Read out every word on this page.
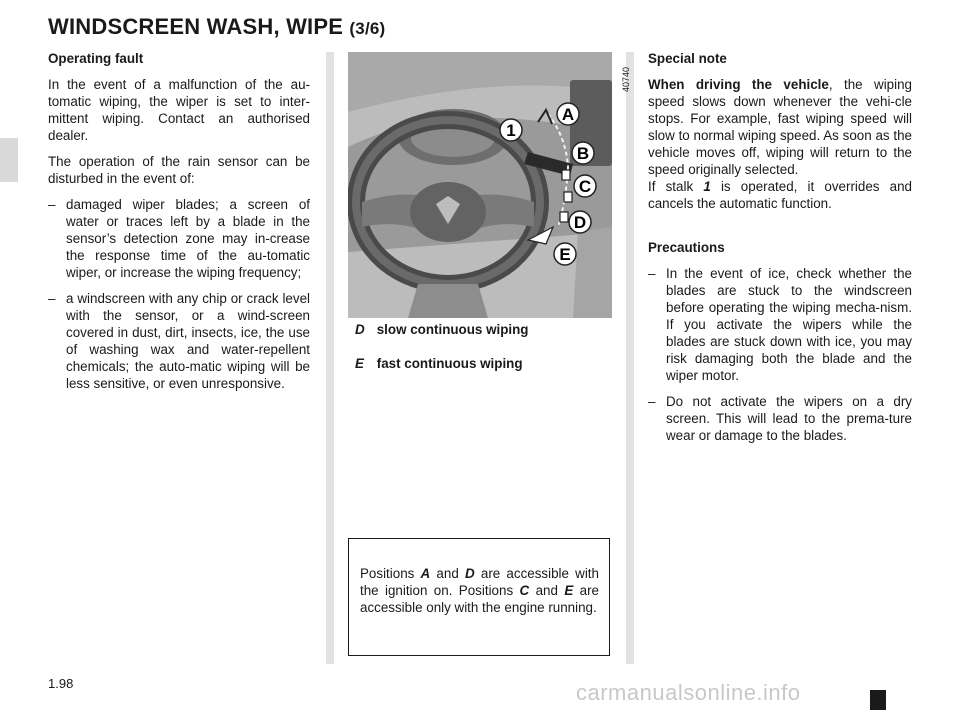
WINDSCREEN WASH, WIPE (3/6)
Operating fault

In the event of a malfunction of the au-tomatic wiping, the wiper is set to inter-mittent wiping. Contact an authorised dealer.

The operation of the rain sensor can be disturbed in the event of:

– damaged wiper blades; a screen of water or traces left by a blade in the sensor’s detection zone may in-crease the response time of the au-tomatic wiper, or increase the wiping frequency;
– a windscreen with any chip or crack level with the sensor, or a wind-screen covered in dust, dirt, insects, ice, the use of washing wax and water-repellent chemicals; the auto-matic wiping will be less sensitive, or even unresponsive.
1
A
B
C
D
E
40740
D slow continuous wiping
E fast continuous wiping
Positions A and D are accessible with the ignition on. Positions C and E are accessible only with the engine running.
Special note

When driving the vehicle, the wiping speed slows down whenever the vehi-cle stops. For example, fast wiping speed will slow to normal wiping speed. As soon as the vehicle moves off, wiping will return to the speed originally selected.

If stalk 1 is operated, it overrides and cancels the automatic function.

Precautions
– In the event of ice, check whether the blades are stuck to the windscreen before operating the wiping mecha-nism. If you activate the wipers while the blades are stuck down with ice, you may risk damaging both the blade and the wiper motor.
– Do not activate the wipers on a dry screen. This will lead to the prema-ture wear or damage to the blades.
1.98	carmanualsonline.info
